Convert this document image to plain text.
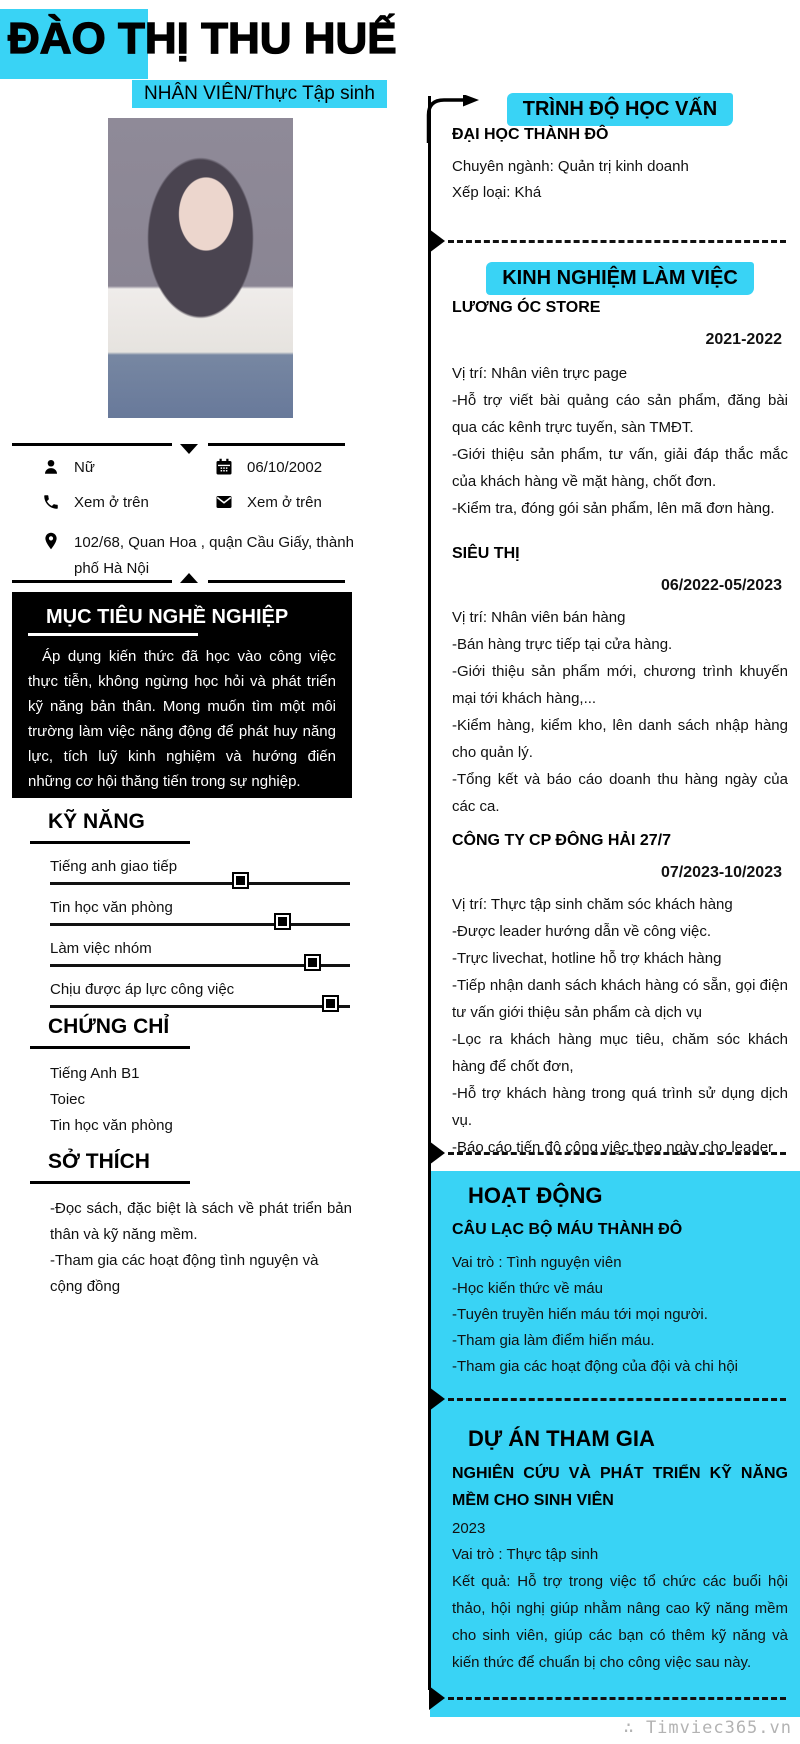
ĐÀO THỊ THU HUẾ
NHÂN VIÊN/Thực Tập sinh
Nữ	06/10/2002
Xem ở trên	Xem ở trên
102/68, Quan Hoa , quận Cầu Giấy, thành phố Hà Nội
MỤC TIÊU NGHỀ NGHIỆP

Áp dụng kiến thức đã học vào công việc thực tiễn, không ngừng học hỏi và phát triển kỹ năng bản thân. Mong muốn tìm một môi trường làm việc năng động để phát huy năng lực, tích luỹ kinh nghiệm và hướng điến những cơ hội thăng tiến trong sự nghiệp.

KỸ NĂNG
Tiếng anh giao tiếp
Tin học văn phòng
Làm việc nhóm
Chịu được áp lực công việc
CHỨNG CHỈ
Tiếng Anh B1
Toiec
Tin học văn phòng
SỞ THÍCH
-Đọc sách, đặc biệt là sách về phát triển bản thân và kỹ năng mềm.
-Tham gia các hoạt động tình nguyện và cộng đồng
TRÌNH ĐỘ HỌC VẤN
ĐẠI HỌC THÀNH ĐÔ
Chuyên ngành: Quản trị kinh doanh
Xếp loại: Khá
KINH NGHIỆM LÀM VIỆC
LƯƠNG ÓC STORE
2021-2022
Vị trí: Nhân viên trực page
-Hỗ trợ viết bài quảng cáo sản phẩm, đăng bài qua các kênh trực tuyến, sàn TMĐT.
-Giới thiệu sản phẩm, tư vấn, giải đáp thắc mắc của khách hàng về mặt hàng, chốt đơn.
-Kiểm tra, đóng gói sản phẩm, lên mã đơn hàng.
SIÊU THỊ
06/2022-05/2023
Vị trí: Nhân viên bán hàng
-Bán hàng trực tiếp tại cửa hàng.
-Giới thiệu sản phẩm mới, chương trình khuyến mại tới khách hàng,...
-Kiểm hàng, kiểm kho, lên danh sách nhập hàng cho quản lý.
-Tổng kết và báo cáo doanh thu hàng ngày của các ca.
CÔNG TY CP ĐÔNG HẢI 27/7
07/2023-10/2023
Vị trí: Thực tập sinh chăm sóc khách hàng
-Được leader hướng dẫn về công việc.
-Trực livechat, hotline hỗ trợ khách hàng
-Tiếp nhận danh sách khách hàng có sẵn, gọi điện tư vấn giới thiệu sản phẩm cà dịch vụ
-Lọc ra khách hàng mục tiêu, chăm sóc khách hàng để chốt đơn,
-Hỗ trợ khách hàng trong quá trình sử dụng dịch vụ.
-Báo cáo tiến độ công việc theo ngày cho leader
HOẠT ĐỘNG
CÂU LẠC BỘ MÁU THÀNH ĐÔ
Vai trò : Tình nguyện viên
-Học kiến thức về máu
-Tuyên truyền hiến máu tới mọi người.
-Tham gia làm điểm hiến máu.
-Tham gia các hoạt động của đội và chi hội
DỰ ÁN THAM GIA
NGHIÊN CỨU VÀ PHÁT TRIỂN KỸ NĂNG MỀM CHO SINH VIÊN
2023
Vai trò : Thực tập sinh
Kết quả: Hỗ trợ trong việc tổ chức các buổi hội thảo, hội nghị giúp nhằm nâng cao kỹ năng mềm cho sinh viên, giúp các bạn có thêm kỹ năng và kiến thức để chuẩn bị cho công việc sau này.
∴ Timviec365.vn
